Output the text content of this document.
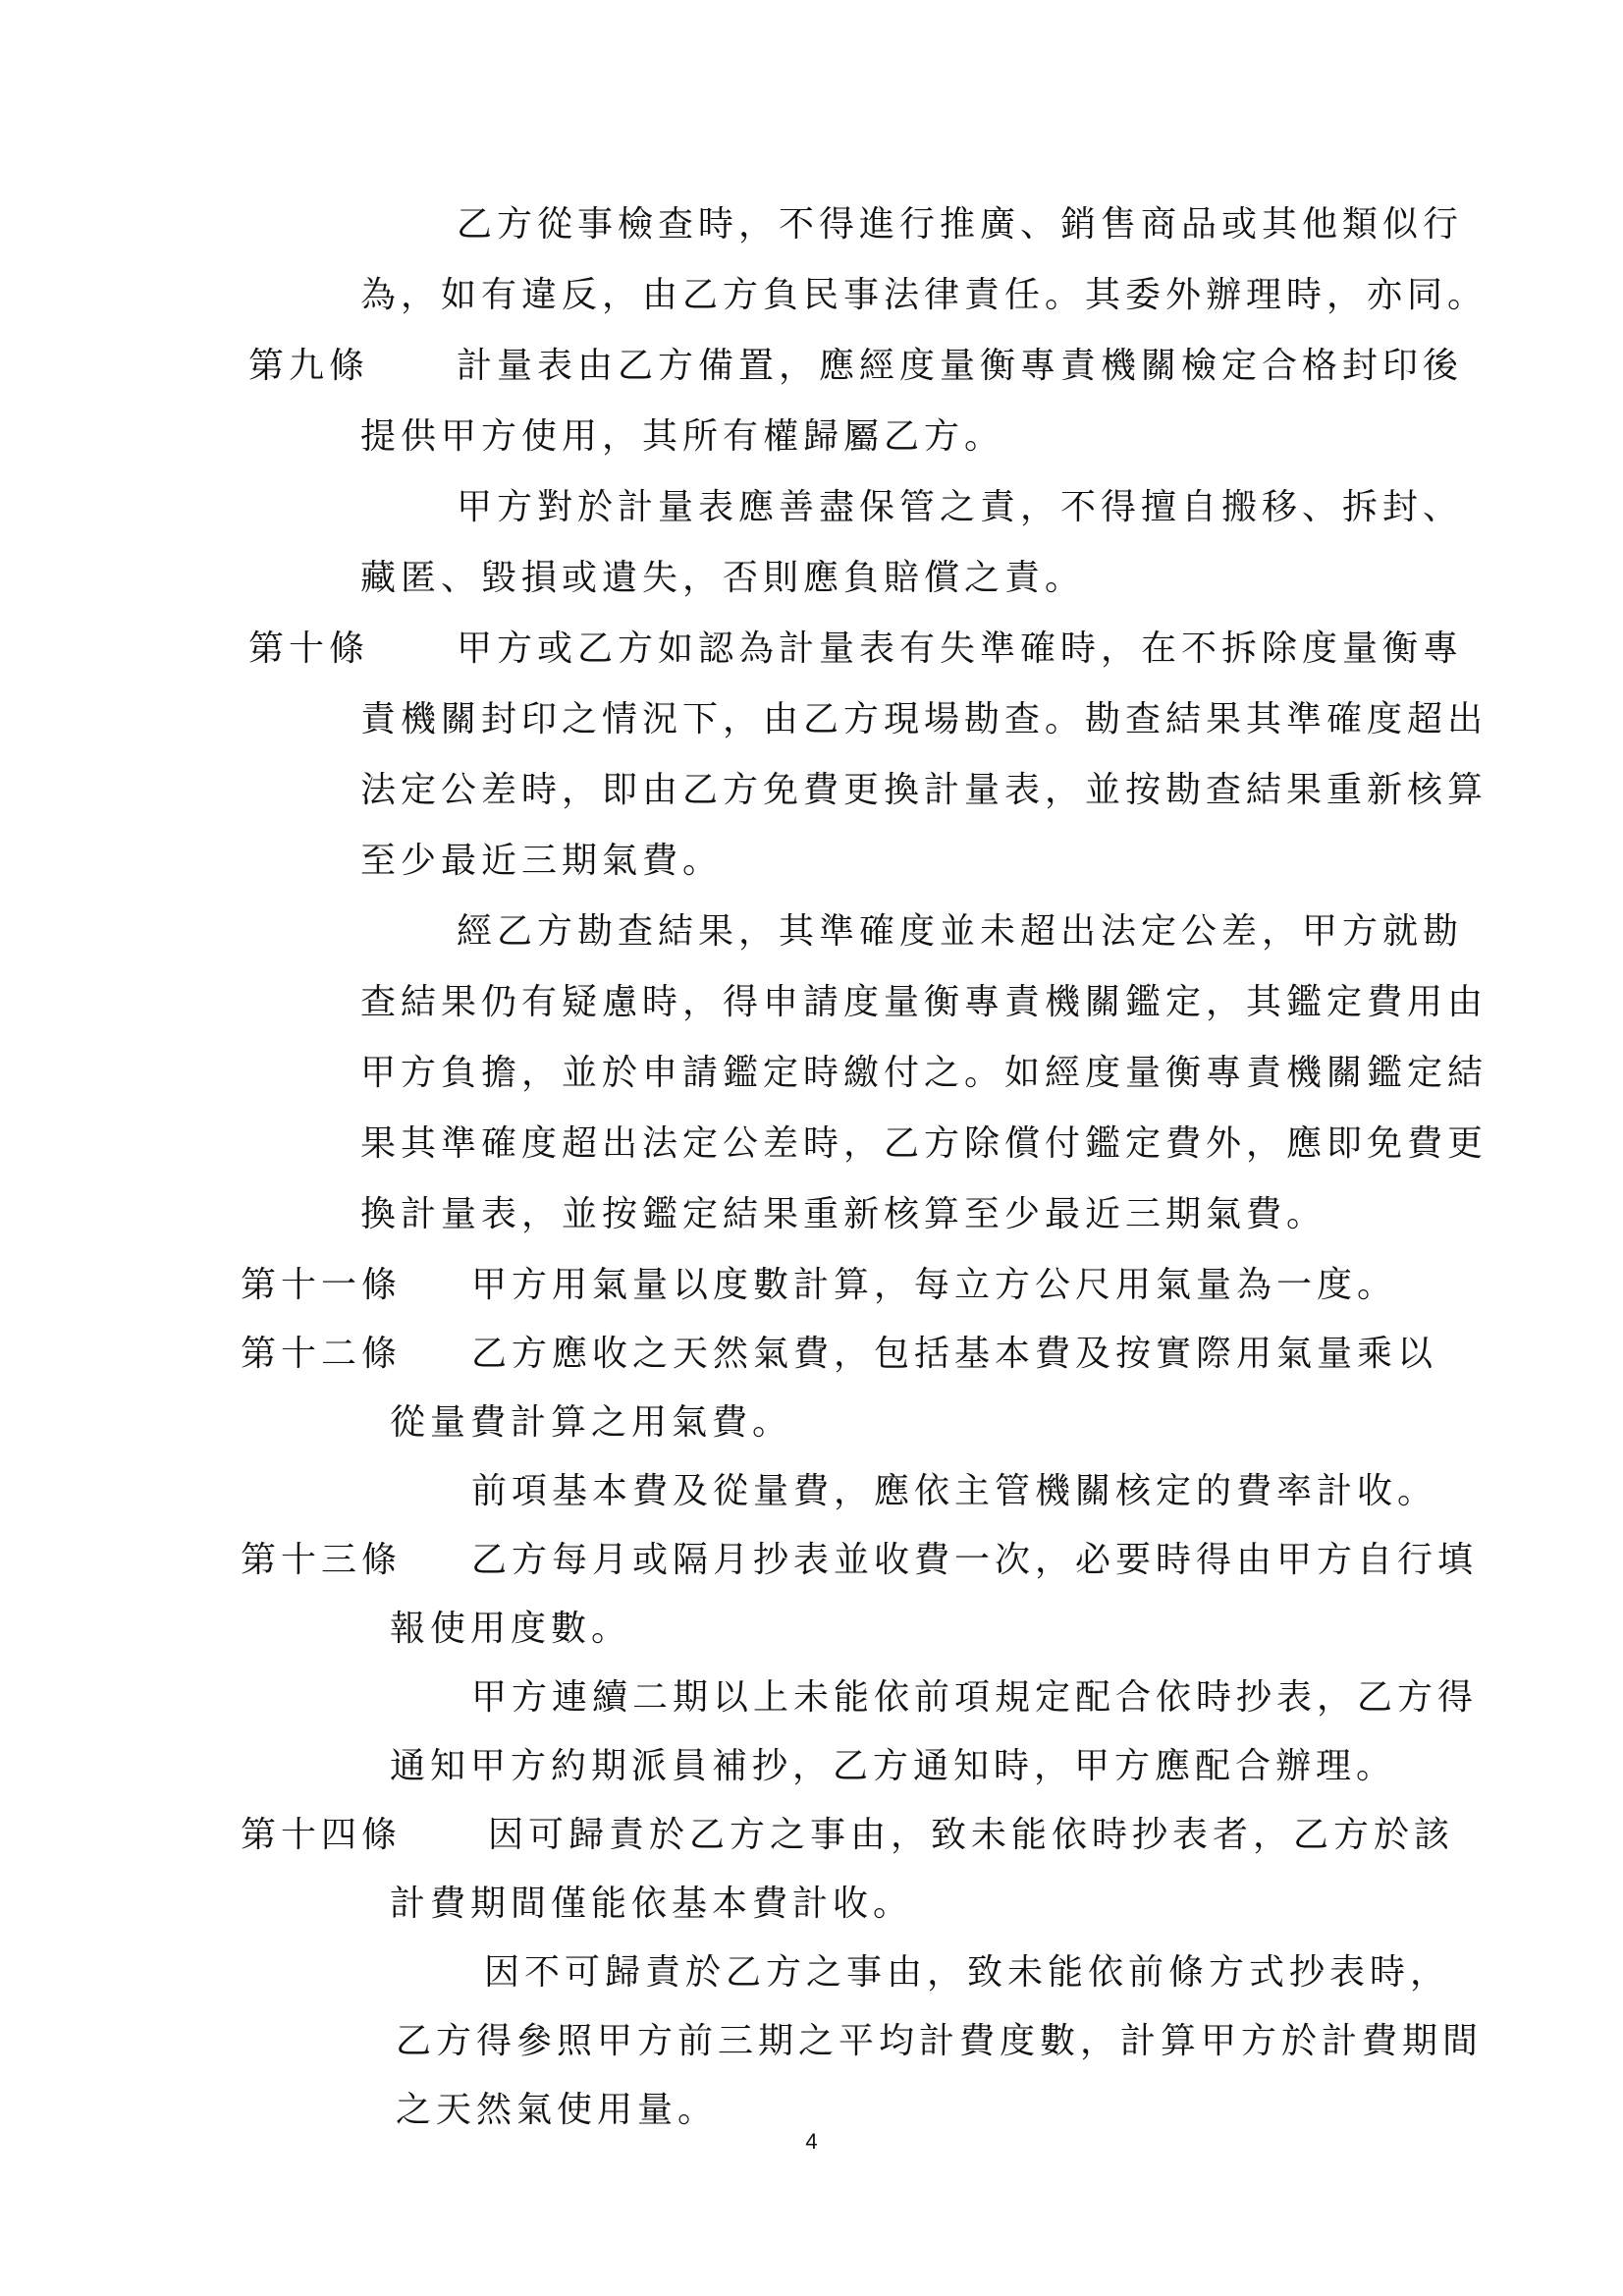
乙方從事檢查時，不得進行推廣、銷售商品或其他類似行
為，如有違反，由乙方負民事法律責任。其委外辦理時，亦同。
第九條 計量表由乙方備置，應經度量衡專責機關檢定合格封印後
提供甲方使用，其所有權歸屬乙方。
甲方對於計量表應善盡保管之責，不得擅自搬移、拆封、
藏匿、毀損或遺失，否則應負賠償之責。
第十條 甲方或乙方如認為計量表有失準確時，在不拆除度量衡專
責機關封印之情況下，由乙方現場勘查。勘查結果其準確度超出
法定公差時，即由乙方免費更換計量表，並按勘查結果重新核算
至少最近三期氣費。
經乙方勘查結果，其準確度並未超出法定公差，甲方就勘
查結果仍有疑慮時，得申請度量衡專責機關鑑定，其鑑定費用由
甲方負擔，並於申請鑑定時繳付之。如經度量衡專責機關鑑定結
果其準確度超出法定公差時，乙方除償付鑑定費外，應即免費更
換計量表，並按鑑定結果重新核算至少最近三期氣費。
第十一條 甲方用氣量以度數計算，每立方公尺用氣量為一度。
第十二條 乙方應收之天然氣費，包括基本費及按實際用氣量乘以
從量費計算之用氣費。
前項基本費及從量費，應依主管機關核定的費率計收。
第十三條 乙方每月或隔月抄表並收費一次，必要時得由甲方自行填
報使用度數。
甲方連續二期以上未能依前項規定配合依時抄表，乙方得
通知甲方約期派員補抄，乙方通知時，甲方應配合辦理。
第十四條 因可歸責於乙方之事由，致未能依時抄表者，乙方於該
計費期間僅能依基本費計收。
因不可歸責於乙方之事由，致未能依前條方式抄表時，
乙方得參照甲方前三期之平均計費度數，計算甲方於計費期間
之天然氣使用量。
4
